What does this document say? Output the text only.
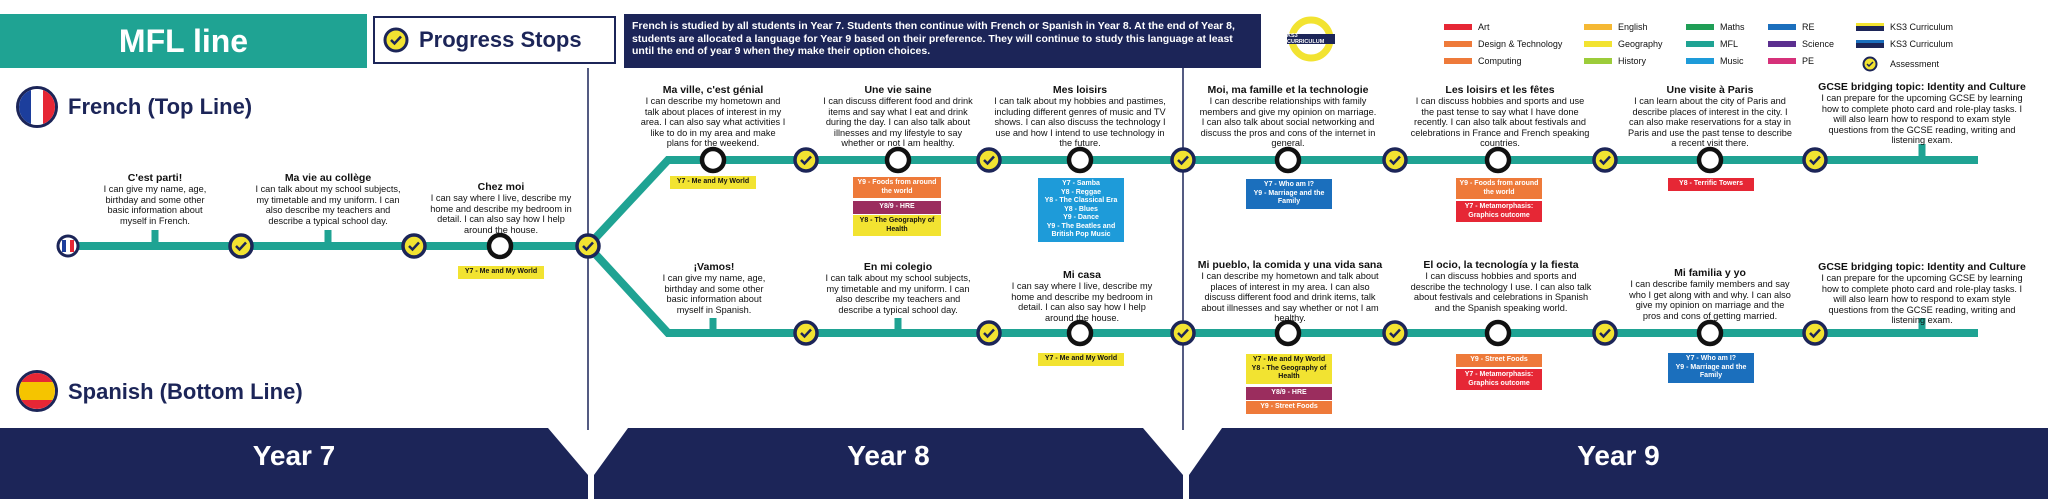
MFL line	Progress Stops
French is studied by all students in Year 7. Students then continue with French or Spanish in Year 8. At the end of Year 8, students are allocated a language for Year 9 based on their preference. They will continue to study this language at least until the end of year 9 when they make their option choices.
KS3 CURRICULUM
Art
Design & Technology
Computing
English
Geography
History
Maths
MFL
Music
RE
Science
PE
KS3 Curriculum
KS3 Curriculum
Assessment
French (Top Line)
Spanish (Bottom Line)
C'est parti!
I can give my name, age, birthday and some other basic information about myself in French.
Ma vie au collège
I can talk about my school subjects, my timetable and my uniform. I can also describe my teachers and describe a typical school day.
Chez moi
I can say where I live, describe my home and describe my bedroom in detail. I can also say how I help around the house.
Y7 - Me and My World
Ma ville, c'est génial
I can describe my hometown and talk about places of interest in my area. I can also say what activities I like to do in my area and make plans for the weekend.
Y7 - Me and My World
Une vie saine
I can discuss different food and drink items and say what I eat and drink during the day. I can also talk about illnesses and my lifestyle to say whether or not I am healthy.
Y9 - Foods from around the world
Y8/9 - HRE
Y8 - The Geography of Health
Mes loisirs
I can talk about my hobbies and pastimes, including different genres of music and TV shows. I can also discuss the technology I use and how I intend to use technology in the future.
Y7 - Samba
Y8 - Reggae
Y8 - The Classical Era
Y8 - Blues
Y9 - Dance
Y9 - The Beatles and British Pop Music
Moi, ma famille et la technologie
I can describe relationships with family members and give my opinion on marriage. I can also talk about social networking and discuss the pros and cons of the internet in general.
Y7 - Who am I?
Y9 - Marriage and the Family
Les loisirs et les fêtes
I can discuss hobbies and sports and use the past tense to say what I have done recently. I can also talk about festivals and celebrations in France and French speaking countries.
Y9 - Foods from around the world
Y7 - Metamorphasis: Graphics outcome
Une visite à Paris
I can learn about the city of Paris and describe places of interest in the city. I can also make reservations for a stay in Paris and use the past tense to describe a recent visit there.
Y8 - Terrific Towers
GCSE bridging topic: Identity and Culture
I can prepare for the upcoming GCSE by learning how to complete photo card and role-play tasks. I will also learn how to respond to exam style questions from the GCSE reading, writing and listening exam.
¡Vamos!
I can give my name, age, birthday and some other basic information about myself in Spanish.
En mi colegio
I can talk about my school subjects, my timetable and my uniform. I can also describe my teachers and describe a typical school day.
Mi casa
I can say where I live, describe my home and describe my bedroom in detail. I can also say how I help around the house.
Y7 - Me and My World
Mi pueblo, la comida y una vida sana
I can describe my hometown and talk about places of interest in my area. I can also discuss different food and drink items, talk about illnesses and say whether or not I am healthy.
Y7 - Me and My World
Y8 - The Geography of Health
Y8/9 - HRE
Y9 - Street Foods
El ocio, la tecnología y la fiesta
I can discuss hobbies and sports and describe the technology I use. I can also talk about festivals and celebrations in Spanish and the Spanish speaking world.
Y9 - Street Foods
Y7 - Metamorphasis: Graphics outcome
Mi familia y yo
I can describe family members and say who I get along with and why. I can also give my opinion on marriage and the pros and cons of getting married.
Y7 - Who am I?
Y9 - Marriage and the Family
GCSE bridging topic: Identity and Culture
I can prepare for the upcoming GCSE by learning how to complete photo card and role-play tasks. I will also learn how to respond to exam style questions from the GCSE reading, writing and listening exam.
Year 7	Year 8	Year 9
